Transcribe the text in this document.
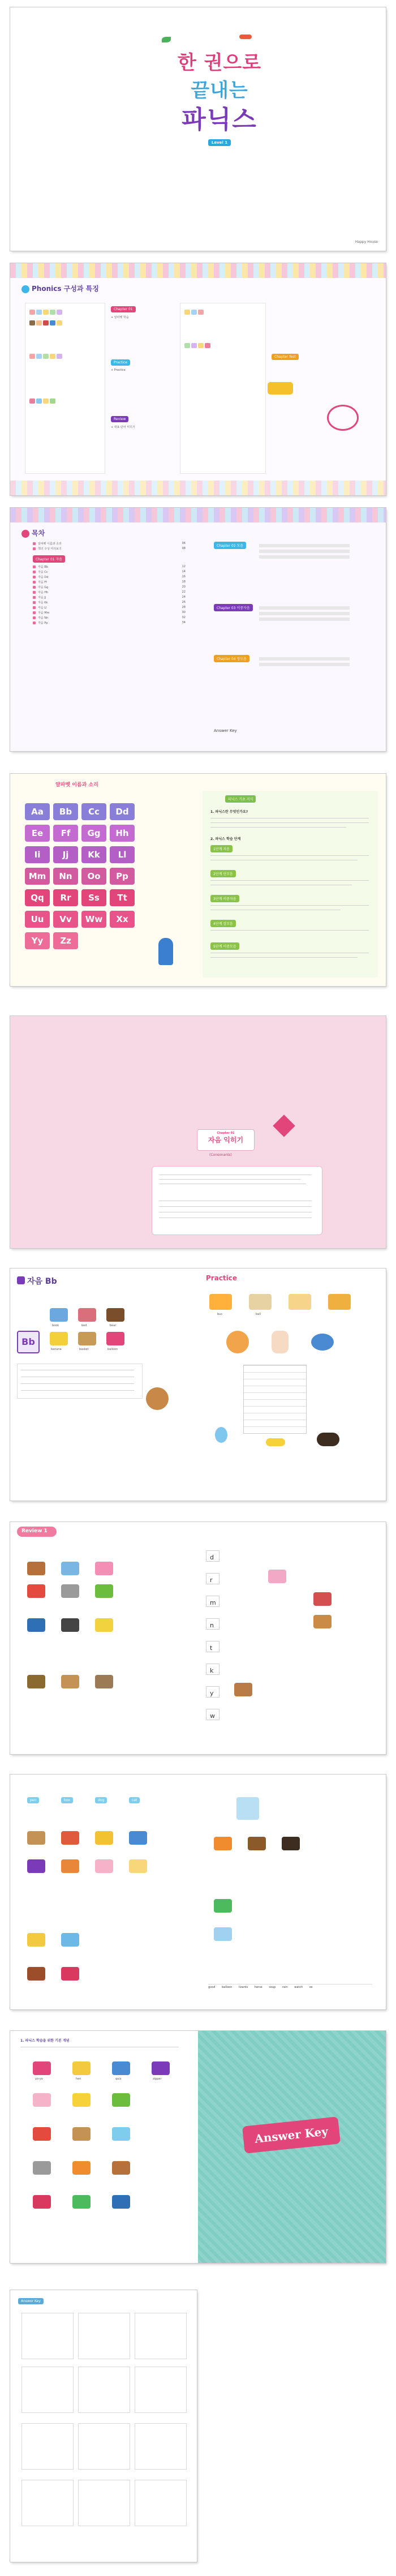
한 권으로
끝내는
파닉스
Level 1
Happy House
Phonics 구성과 특징
Chapter 01
+ 알파벳 학습
Practice
+ Practice
Review
+ 대표 단어 익히기
Chapter Test
목차
알파벳 이름과 소리	06
책의 구성 미리보기	08
Chapter 01 자음
자음 Bb	12
자음 Cc	14
자음 Dd	16
자음 Ff	18
자음 Gg	20
자음 Hh	22
자음 Jj	24
자음 Kk	26
자음 Ll	28
자음 Mm	30
자음 Nn	32
자음 Pp	34
Chapter 02 모음
Chapter 03 이중자음
Chapter 04 장모음
Answer Key
알파벳 이름과 소리
Aa	Bb	Cc	Dd
Ee	Ff	Gg	Hh
Ii	Jj	Kk	Ll
Mm	Nn	Oo	Pp
Qq	Rr	Ss	Tt
Uu	Vv	Ww	Xx
Yy	Zz
파닉스 기초 지식
1. 파닉스란 무엇인가요?
2. 파닉스 학습 단계
1단계 자음
2단계 단모음
3단계 이중자음
4단계 장모음
5단계 이중모음
Chapter 01
자음 익히기
(Consonants)
자음 Bb
Bb
book	bed	bear
banana	basket	balloon
Practice
bus	ball
Review 1
d
r
m
n
t
k
y
w
pen	box	dog	cat
good balloon lizards horse soup rain watch ox
1. 파닉스 학습을 위한 기본 개념
yo-yo	hen	quiz	zipper
Answer Key
Answer Key
